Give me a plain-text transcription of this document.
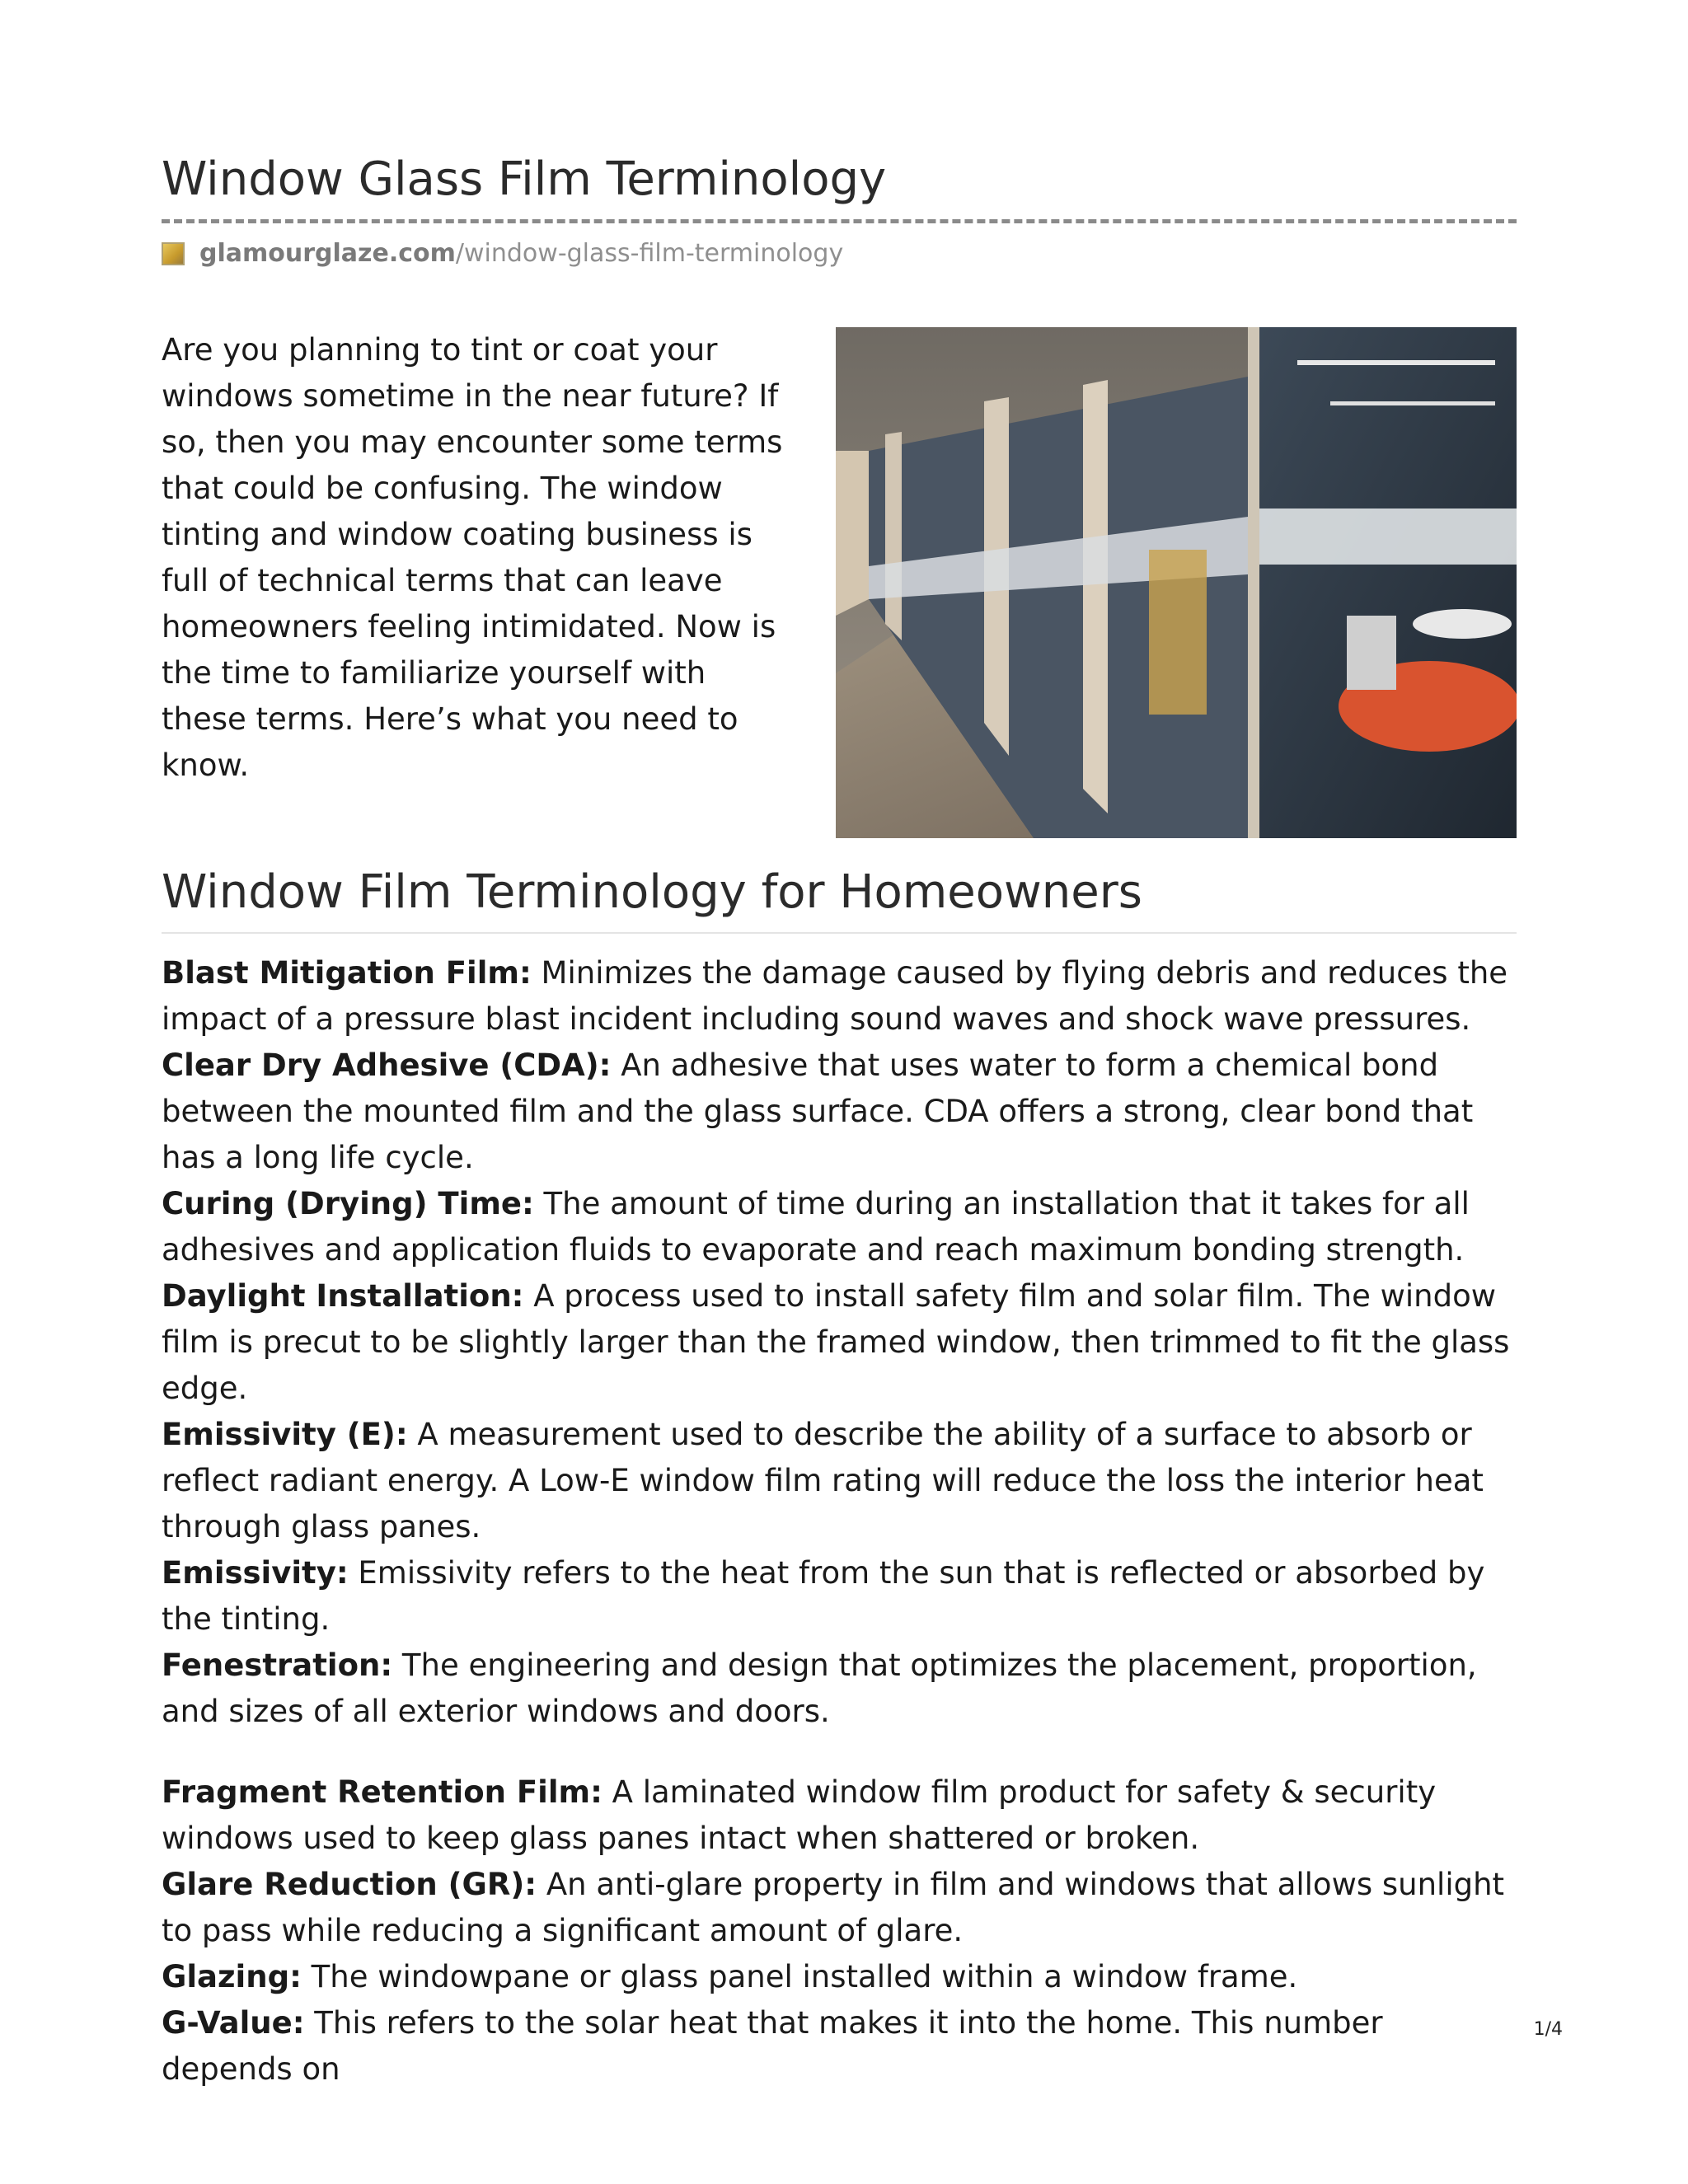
Window Glass Film Terminology
glamourglaze.com /window-glass-film-terminology

Are you planning to tint or coat your windows sometime in the near future? If so, then you may encounter some terms that could be confusing. The window tinting and window coating business is full of technical terms that can leave homeowners feeling intimidated. Now is the time to familiarize yourself with these terms. Here’s what you need to know.

Window Film Terminology for Homeowners

Blast Mitigation Film: Minimizes the damage caused by flying debris and reduces the impact of a pressure blast incident including sound waves and shock wave pressures.

Clear Dry Adhesive (CDA): An adhesive that uses water to form a chemical bond between the mounted film and the glass surface. CDA offers a strong, clear bond that has a long life cycle.

Curing (Drying) Time: The amount of time during an installation that it takes for all adhesives and application fluids to evaporate and reach maximum bonding strength.

Daylight Installation: A process used to install safety film and solar film. The window film is precut to be slightly larger than the framed window, then trimmed to fit the glass edge.

Emissivity (E): A measurement used to describe the ability of a surface to absorb or reflect radiant energy. A Low-E window film rating will reduce the loss the interior heat through glass panes.

Emissivity: Emissivity refers to the heat from the sun that is reflected or absorbed by the tinting.

Fenestration: The engineering and design that optimizes the placement, proportion, and sizes of all exterior windows and doors.

Fragment Retention Film: A laminated window film product for safety & security windows used to keep glass panes intact when shattered or broken.

Glare Reduction (GR): An anti-glare property in film and windows that allows sunlight to pass while reducing a significant amount of glare.

Glazing: The windowpane or glass panel installed within a window frame.

G-Value: This refers to the solar heat that makes it into the home. This number depends on

1/4
